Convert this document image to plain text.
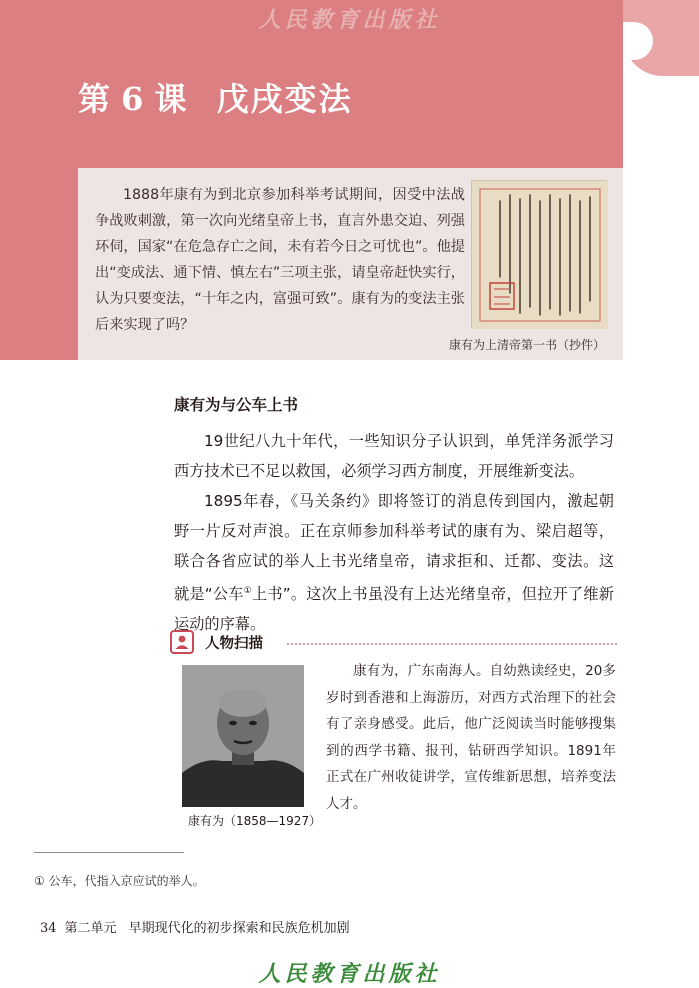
人民教育出版社
第 6 课 戊戌变法
1888年康有为到北京参加科举考试期间，因受中法战争战败刺激，第一次向光绪皇帝上书，直言外患交迫、列强环伺，国家“在危急存亡之间，未有若今日之可忧也”。他提出“变成法、通下情、慎左右”三项主张，请皇帝赶快实行，认为只要变法，“十年之内，富强可致”。康有为的变法主张后来实现了吗？
康有为上清帝第一书（抄件）
康有为与公车上书
19世纪八九十年代，一些知识分子认识到，单凭洋务派学习西方技术已不足以救国，必须学习西方制度，开展维新变法。
1895年春，《马关条约》即将签订的消息传到国内，激起朝野一片反对声浪。正在京师参加科举考试的康有为、梁启超等，联合各省应试的举人上书光绪皇帝，请求拒和、迁都、变法。这就是“公车①上书”。这次上书虽没有上达光绪皇帝，但拉开了维新运动的序幕。
人物扫描
康有为（1858—1927）
康有为，广东南海人。自幼熟读经史，20多岁时到香港和上海游历，对西方式治理下的社会有了亲身感受。此后，他广泛阅读当时能够搜集到的西学书籍、报刊，钻研西学知识。1891年正式在广州收徒讲学，宣传维新思想，培养变法人才。
① 公车，代指入京应试的举人。
34 第二单元 早期现代化的初步探索和民族危机加剧
人民教育出版社
